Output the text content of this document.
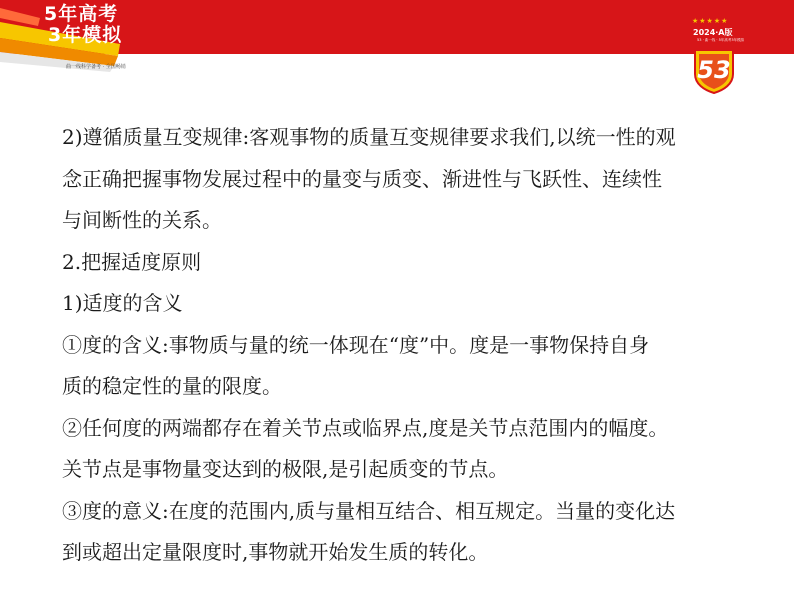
5年高考
3年模拟
曲一线科学备考 · 全国畅销
★★★★★
2024·A版
53 · 曲一线 · 5年高考3年模拟
53
2)遵循质量互变规律:客观事物的质量互变规律要求我们,以统一性的观
念正确把握事物发展过程中的量变与质变、渐进性与飞跃性、连续性
与间断性的关系。
2.把握适度原则
1)适度的含义
①度的含义:事物质与量的统一体现在“度”中。度是一事物保持自身
质的稳定性的量的限度。
②任何度的两端都存在着关节点或临界点,度是关节点范围内的幅度。
关节点是事物量变达到的极限,是引起质变的节点。
③度的意义:在度的范围内,质与量相互结合、相互规定。当量的变化达
到或超出定量限度时,事物就开始发生质的转化。
